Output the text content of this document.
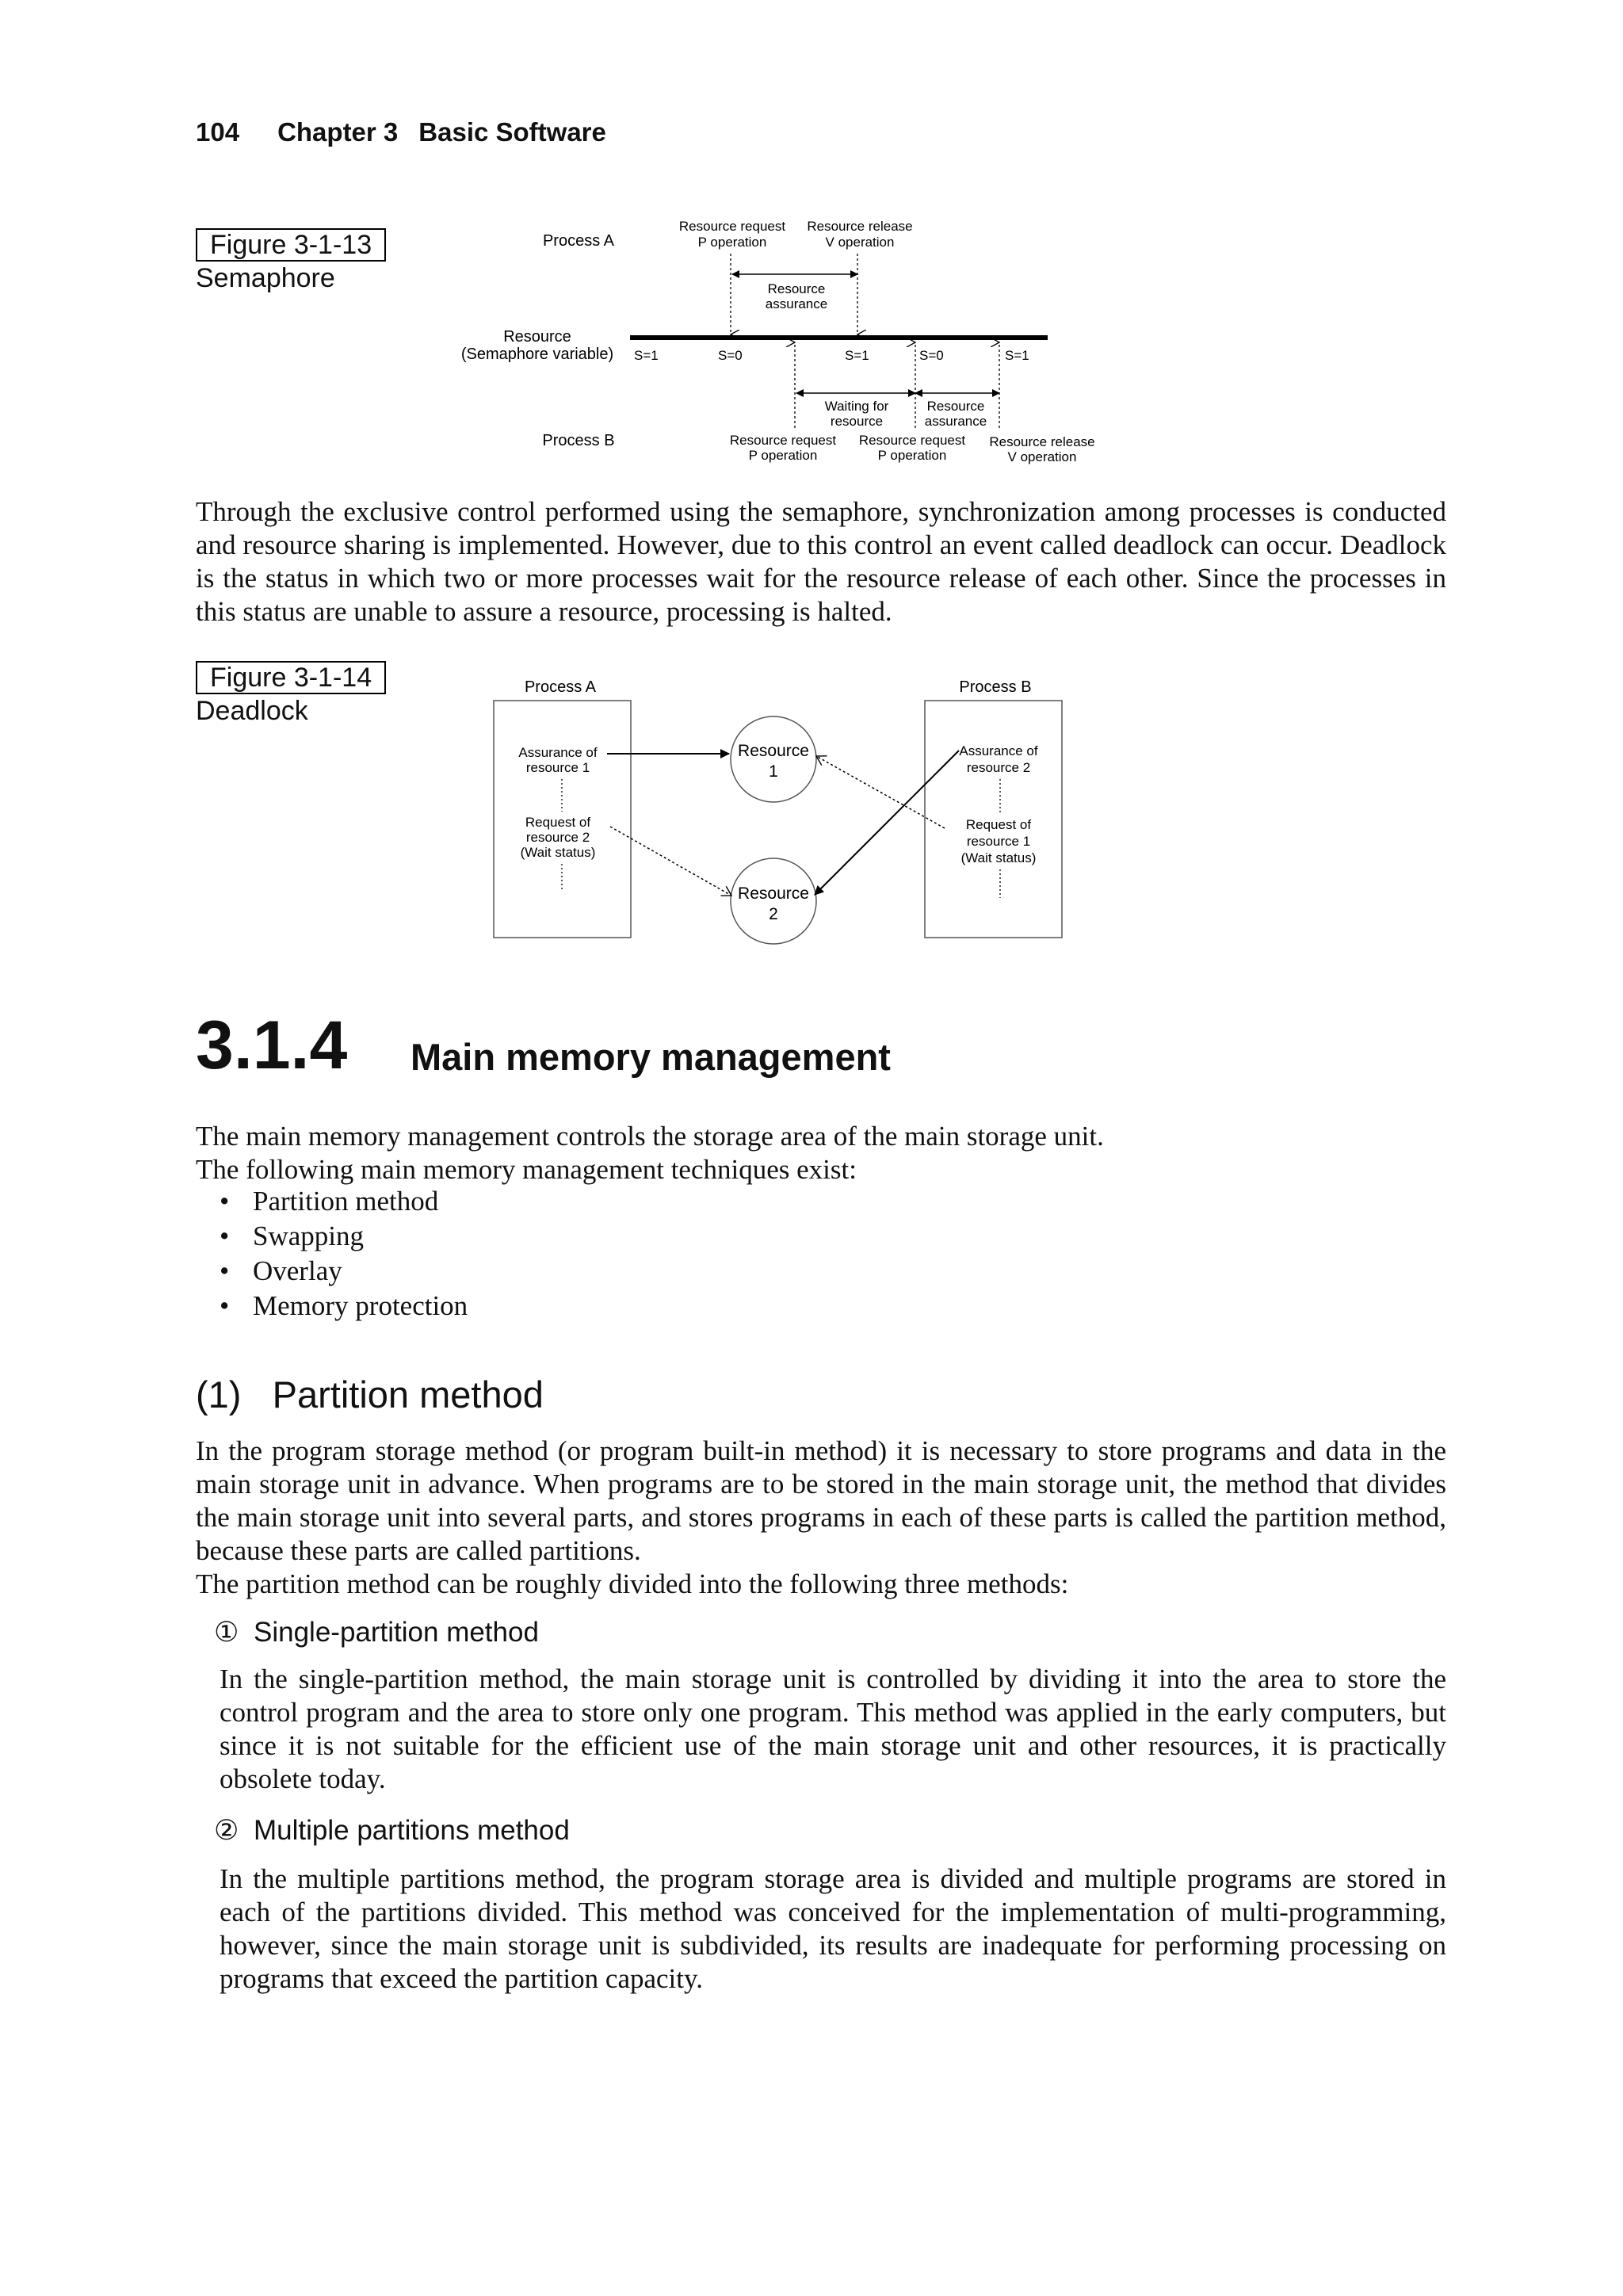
104 Chapter 3 Basic Software
Figure 3-1-13
Semaphore
Process A
Resource
(Semaphore variable)
Process B
Resource request
P operation
Resource release
V operation
Resource
assurance
Waiting for
resource
Resource
assurance
Resource request
P operation
Resource request
P operation
Resource release
V operation
S=1	S=0	S=1	S=0	S=1

Through the exclusive control performed using the semaphore, synchronization among processes is conducted and resource sharing is implemented. However, due to this control an event called deadlock can occur. Deadlock is the status in which two or more processes wait for the resource release of each other. Since the processes in this status are unable to assure a resource, processing is halted.

Figure 3-1-14
Deadlock
Process A	Process B
Resource
1
Resource
2
Assurance of
resource 1
Request of
resource 2
(Wait status)
Assurance of
resource 2
Request of
resource 1
(Wait status)
3.1.4 Main memory management

The main memory management controls the storage area of the main storage unit.

The following main memory management techniques exist:

• Partition method
• Swapping
• Overlay
• Memory protection
(1)   Partition method

In the program storage method (or program built-in method) it is necessary to store programs and data in the main storage unit in advance. When programs are to be stored in the main storage unit, the method that divides the main storage unit into several parts, and stores programs in each of these parts is called the partition method, because these parts are called partitions.

The partition method can be roughly divided into the following three methods:

① Single-partition method

In the single-partition method, the main storage unit is controlled by dividing it into the area to store the control program and the area to store only one program. This method was applied in the early computers, but since it is not suitable for the efficient use of the main storage unit and other resources, it is practically obsolete today.

② Multiple partitions method

In the multiple partitions method, the program storage area is divided and multiple programs are stored in each of the partitions divided. This method was conceived for the implementation of multi-programming, however, since the main storage unit is subdivided, its results are inadequate for performing processing on programs that exceed the partition capacity.
